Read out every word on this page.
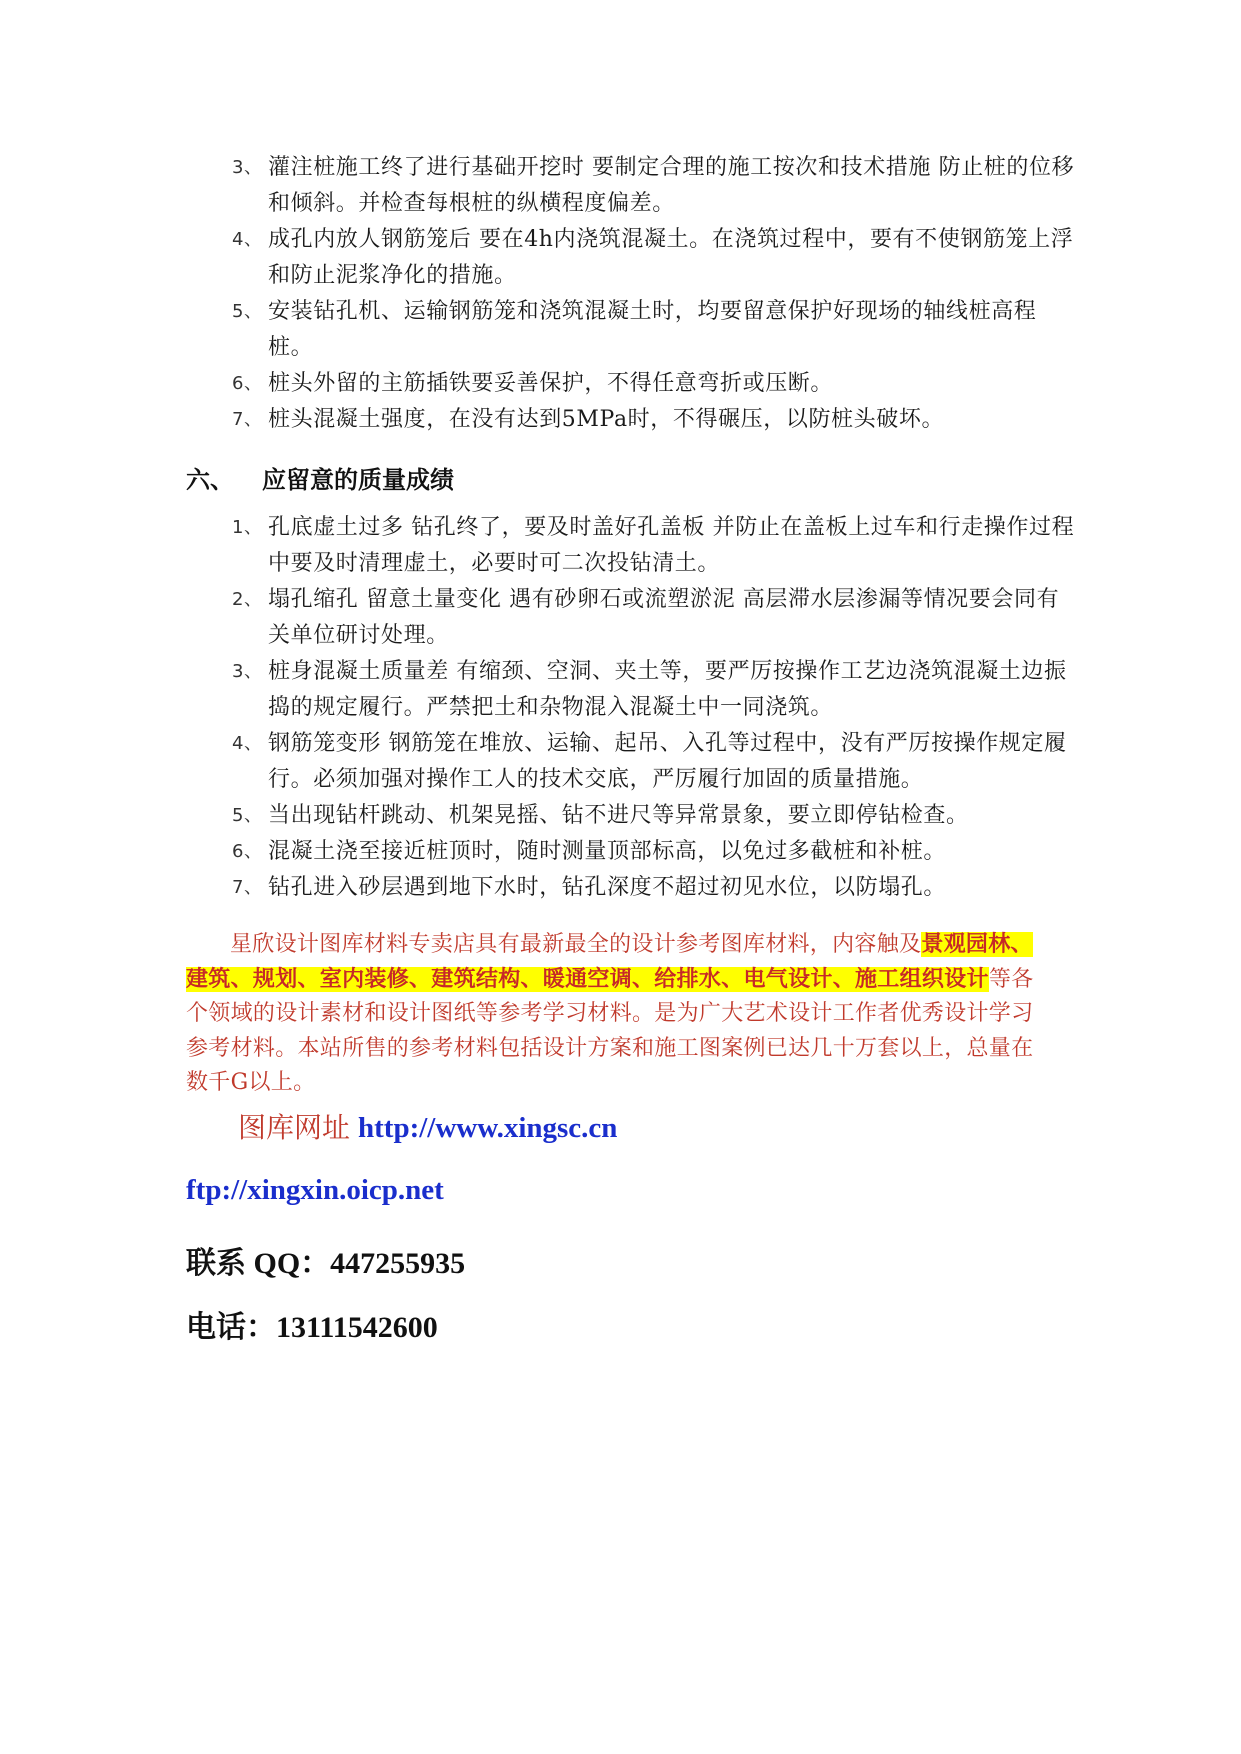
3、 灌注桩施工终了进行基础开挖时 要制定合理的施工按次和技术措施 防止桩的位移和倾斜。并检查每根桩的纵横程度偏差。
4、 成孔内放人钢筋笼后 要在4h内浇筑混凝土。在浇筑过程中，要有不使钢筋笼上浮和防止泥浆净化的措施。
5、 安装钻孔机、运输钢筋笼和浇筑混凝土时，均要留意保护好现场的轴线桩高程桩。
6、 桩头外留的主筋插铁要妥善保护，不得任意弯折或压断。
7、 桩头混凝土强度，在没有达到5MPa时，不得碾压，以防桩头破坏。
六、 应留意的质量成绩
1、 孔底虚土过多 钻孔终了，要及时盖好孔盖板 并防止在盖板上过车和行走操作过程中要及时清理虚土，必要时可二次投钻清土。
2、 塌孔缩孔 留意土量变化 遇有砂卵石或流塑淤泥 高层滞水层渗漏等情况要会同有关单位研讨处理。
3、 桩身混凝土质量差 有缩颈、空洞、夹土等，要严厉按操作工艺边浇筑混凝土边振捣的规定履行。严禁把土和杂物混入混凝土中一同浇筑。
4、 钢筋笼变形 钢筋笼在堆放、运输、起吊、入孔等过程中，没有严厉按操作规定履行。必须加强对操作工人的技术交底，严厉履行加固的质量措施。
5、 当出现钻杆跳动、机架晃摇、钻不进尺等异常景象，要立即停钻检查。
6、 混凝土浇至接近桩顶时，随时测量顶部标高，以免过多截桩和补桩。
7、 钻孔进入砂层遇到地下水时，钻孔深度不超过初见水位，以防塌孔。
星欣设计图库材料专卖店具有最新最全的设计参考图库材料，内容触及景观园林、建筑、规划、室内装修、建筑结构、暖通空调、给排水、电气设计、施工组织设计等各个领域的设计素材和设计图纸等参考学习材料。是为广大艺术设计工作者优秀设计学习参考材料。本站所售的参考材料包括设计方案和施工图案例已达几十万套以上，总量在数千G以上。
图库网址 http://www.xingsc.cn
ftp://xingxin.oicp.net
联系 QQ：447255935
电话：13111542600
